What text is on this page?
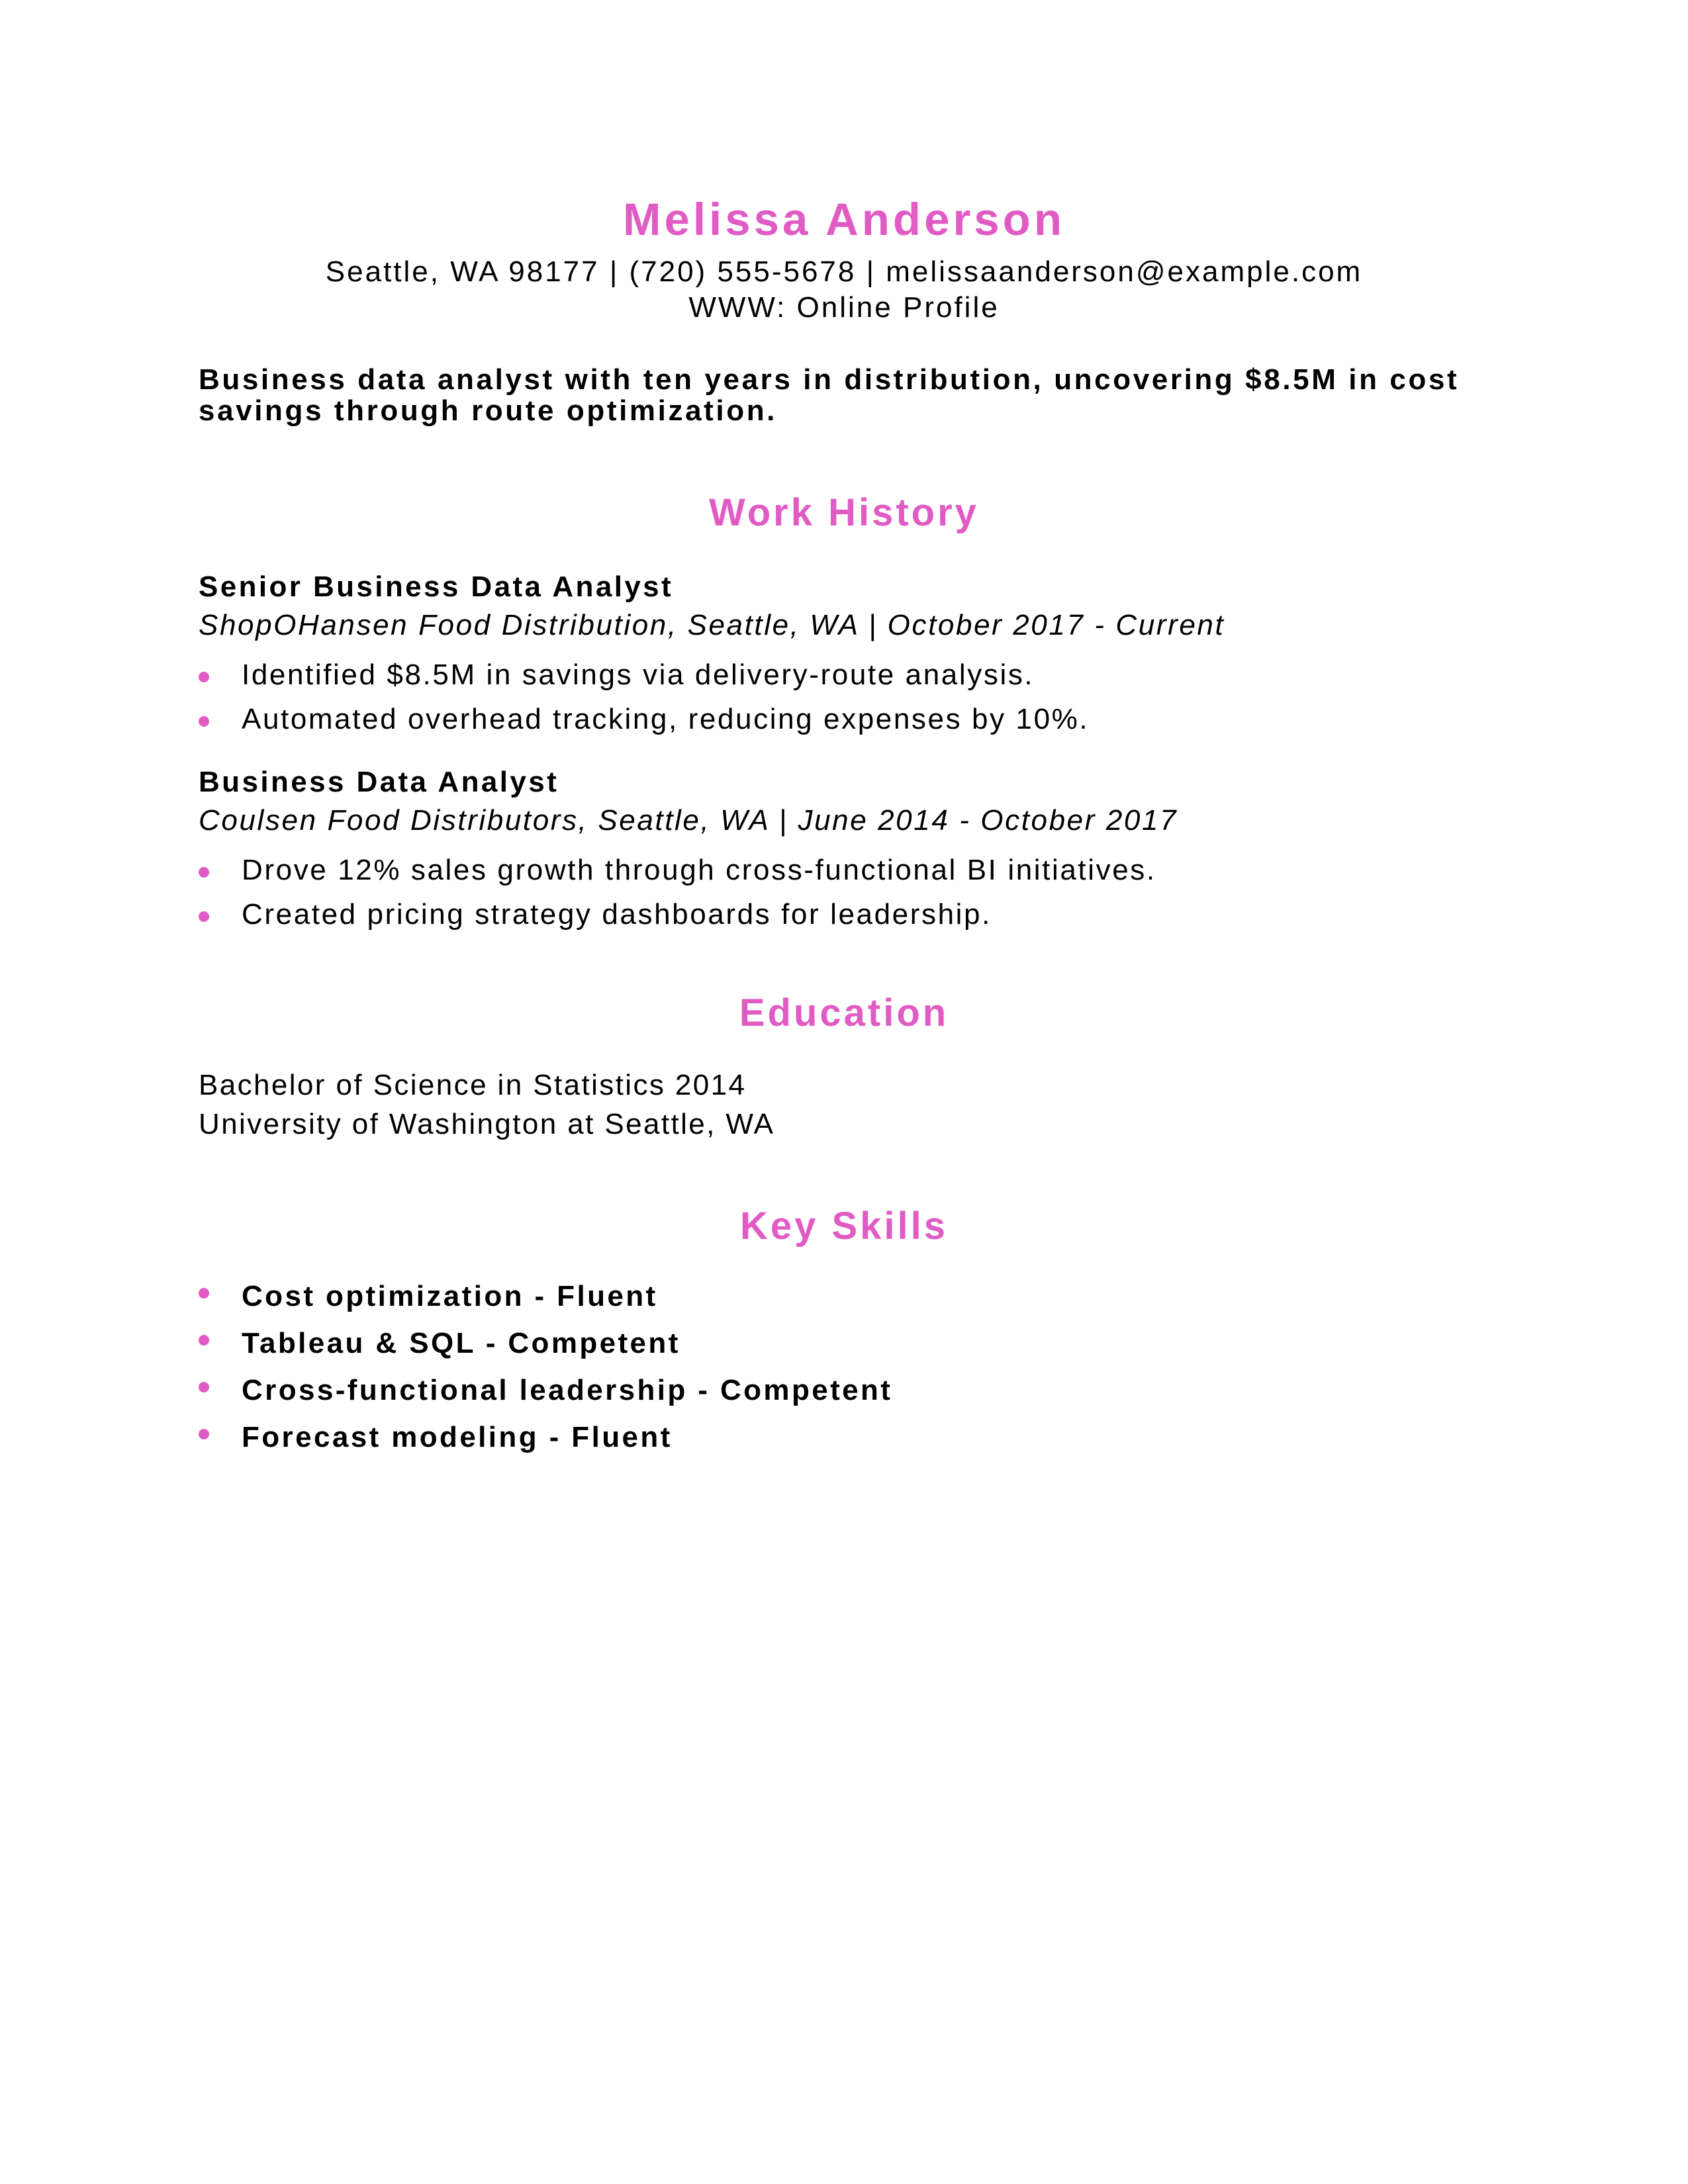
Melissa Anderson
Seattle, WA 98177 | (720) 555-5678 | melissaanderson@example.com
WWW: Online Profile
Business data analyst with ten years in distribution, uncovering $8.5M in cost savings through route optimization.
Work History
Senior Business Data Analyst
ShopOHansen Food Distribution, Seattle, WA | October 2017 - Current
Identified $8.5M in savings via delivery-route analysis.
Automated overhead tracking, reducing expenses by 10%.
Business Data Analyst
Coulsen Food Distributors, Seattle, WA | June 2014 - October 2017
Drove 12% sales growth through cross-functional BI initiatives.
Created pricing strategy dashboards for leadership.
Education
Bachelor of Science in Statistics 2014
University of Washington at Seattle, WA
Key Skills
Cost optimization - Fluent
Tableau & SQL - Competent
Cross-functional leadership - Competent
Forecast modeling - Fluent
